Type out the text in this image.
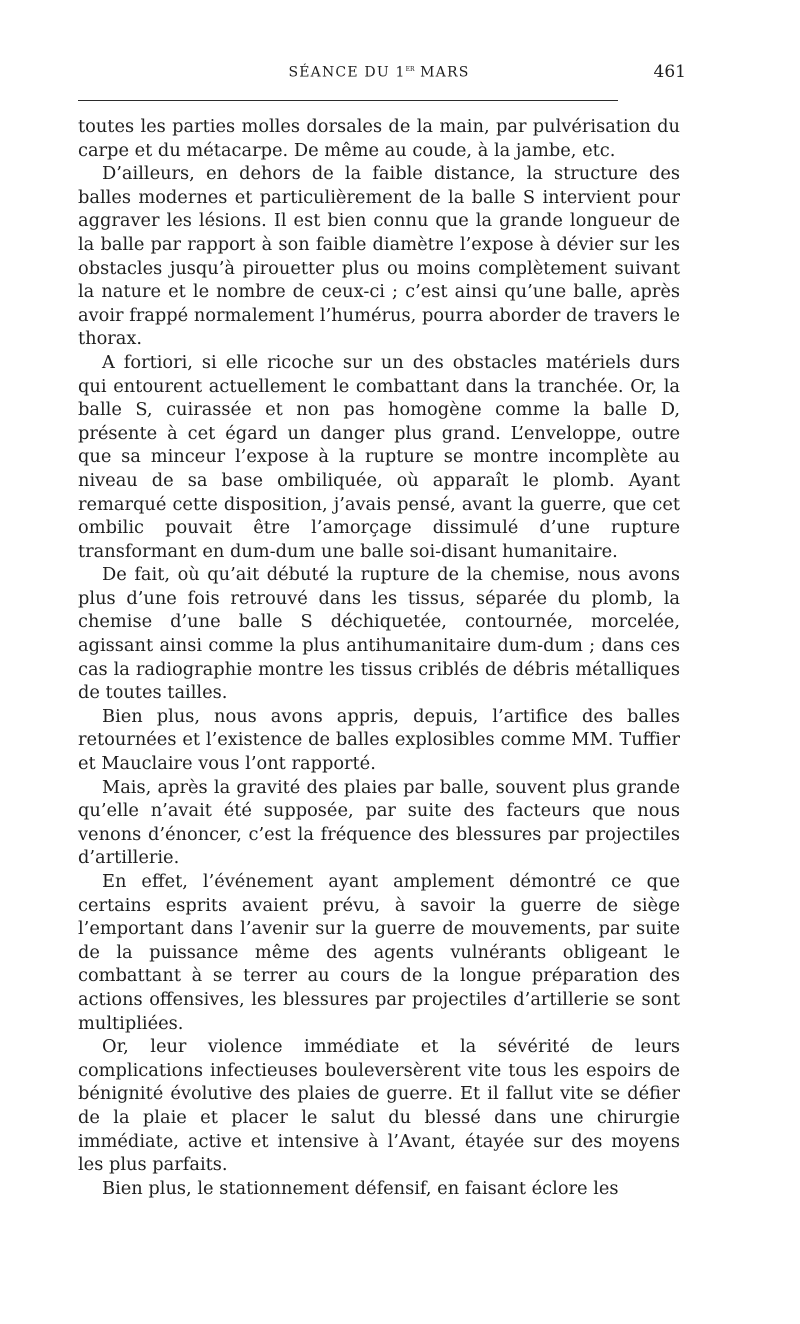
SÉANCE DU 1er MARS	461

toutes les parties molles dorsales de la main, par pulvérisation du carpe et du métacarpe. De même au coude, à la jambe, etc.

D’ailleurs, en dehors de la faible distance, la structure des balles modernes et particulièrement de la balle S intervient pour aggraver les lésions. Il est bien connu que la grande longueur de la balle par rapport à son faible diamètre l’expose à dévier sur les obstacles jusqu’à pirouetter plus ou moins complètement suivant la nature et le nombre de ceux-ci ; c’est ainsi qu’une balle, après avoir frappé normalement l’humérus, pourra aborder de travers le thorax.

A fortiori, si elle ricoche sur un des obstacles matériels durs qui entourent actuellement le combattant dans la tranchée. Or, la balle S, cuirassée et non pas homogène comme la balle D, présente à cet égard un danger plus grand. L’enveloppe, outre que sa minceur l’expose à la rupture se montre incomplète au niveau de sa base ombiliquée, où apparaît le plomb. Ayant remarqué cette disposition, j’avais pensé, avant la guerre, que cet ombilic pouvait être l’amorçage dissimulé d’une rupture transformant en dum-dum une balle soi-disant humanitaire.

De fait, où qu’ait débuté la rupture de la chemise, nous avons plus d’une fois retrouvé dans les tissus, séparée du plomb, la chemise d’une balle S déchiquetée, contournée, morcelée, agissant ainsi comme la plus antihumanitaire dum-dum ; dans ces cas la radiographie montre les tissus criblés de débris métalliques de toutes tailles.

Bien plus, nous avons appris, depuis, l’artifice des balles retournées et l’existence de balles explosibles comme MM. Tuffier et Mauclaire vous l’ont rapporté.

Mais, après la gravité des plaies par balle, souvent plus grande qu’elle n’avait été supposée, par suite des facteurs que nous venons d’énoncer, c’est la fréquence des blessures par projectiles d’artillerie.

En effet, l’événement ayant amplement démontré ce que certains esprits avaient prévu, à savoir la guerre de siège l’emportant dans l’avenir sur la guerre de mouvements, par suite de la puissance même des agents vulnérants obligeant le combattant à se terrer au cours de la longue préparation des actions offensives, les blessures par projectiles d’artillerie se sont multipliées.

Or, leur violence immédiate et la sévérité de leurs complications infectieuses bouleversèrent vite tous les espoirs de bénignité évolutive des plaies de guerre. Et il fallut vite se défier de la plaie et placer le salut du blessé dans une chirurgie immédiate, active et intensive à l’Avant, étayée sur des moyens les plus parfaits.

Bien plus, le stationnement défensif, en faisant éclore les
